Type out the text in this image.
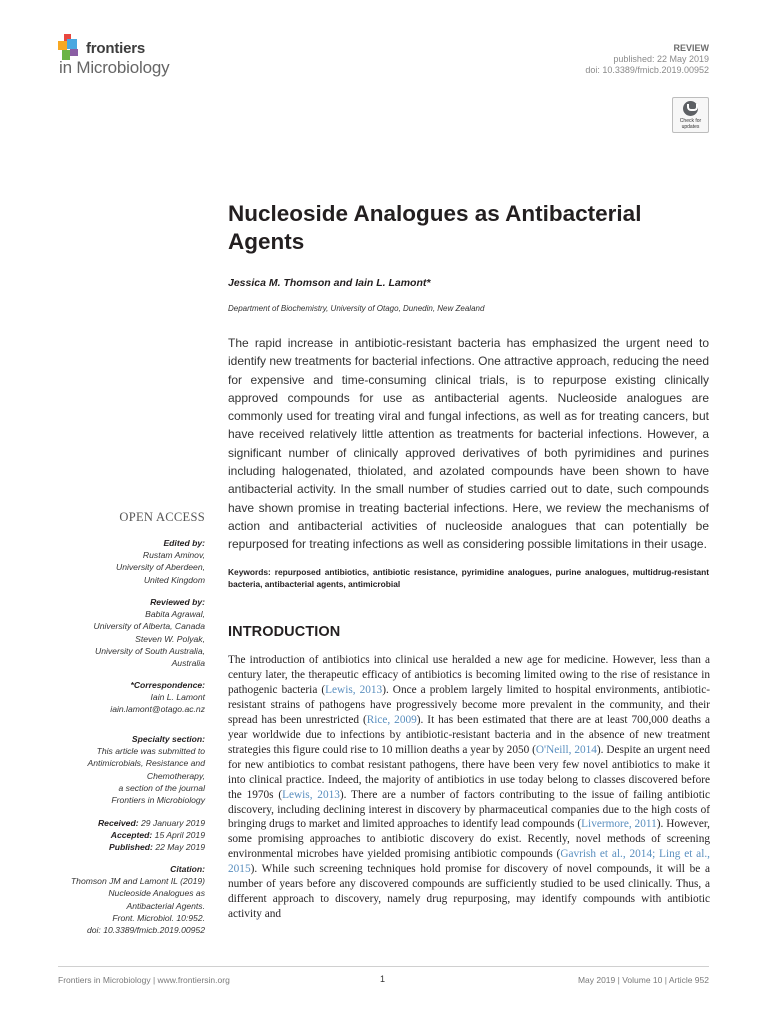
frontiers
in Microbiology
REVIEW
published: 22 May 2019
doi: 10.3389/fmicb.2019.00952
Check for
updates
Nucleoside Analogues as Antibacterial Agents
Jessica M. Thomson and Iain L. Lamont*
Department of Biochemistry, University of Otago, Dunedin, New Zealand
The rapid increase in antibiotic-resistant bacteria has emphasized the urgent need to identify new treatments for bacterial infections. One attractive approach, reducing the need for expensive and time-consuming clinical trials, is to repurpose existing clinically approved compounds for use as antibacterial agents. Nucleoside analogues are commonly used for treating viral and fungal infections, as well as for treating cancers, but have received relatively little attention as treatments for bacterial infections. However, a significant number of clinically approved derivatives of both pyrimidines and purines including halogenated, thiolated, and azolated compounds have been shown to have antibacterial activity. In the small number of studies carried out to date, such compounds have shown promise in treating bacterial infections. Here, we review the mechanisms of action and antibacterial activities of nucleoside analogues that can potentially be repurposed for treating infections as well as considering possible limitations in their usage.
Keywords: repurposed antibiotics, antibiotic resistance, pyrimidine analogues, purine analogues, multidrug-resistant bacteria, antibacterial agents, antimicrobial
INTRODUCTION
The introduction of antibiotics into clinical use heralded a new age for medicine. However, less than a century later, the therapeutic efficacy of antibiotics is becoming limited owing to the rise of resistance in pathogenic bacteria (Lewis, 2013). Once a problem largely limited to hospital environments, antibiotic-resistant strains of pathogens have progressively become more prevalent in the community, and their spread has been unrestricted (Rice, 2009). It has been estimated that there are at least 700,000 deaths a year worldwide due to infections by antibiotic-resistant bacteria and in the absence of new treatment strategies this figure could rise to 10 million deaths a year by 2050 (O'Neill, 2014). Despite an urgent need for new antibiotics to combat resistant pathogens, there have been very few novel antibiotics to make it into clinical practice. Indeed, the majority of antibiotics in use today belong to classes discovered before the 1970s (Lewis, 2013). There are a number of factors contributing to the issue of failing antibiotic discovery, including declining interest in discovery by pharmaceutical companies due to the high costs of bringing drugs to market and limited approaches to identify lead compounds (Livermore, 2011). However, some promising approaches to antibiotic discovery do exist. Recently, novel methods of screening environmental microbes have yielded promising antibiotic compounds (Gavrish et al., 2014; Ling et al., 2015). While such screening techniques hold promise for discovery of novel compounds, it will be a number of years before any discovered compounds are sufficiently studied to be used clinically. Thus, a different approach to discovery, namely drug repurposing, may identify compounds with antibiotic activity and
OPEN ACCESS
Edited by:
Rustam Aminov,
University of Aberdeen,
United Kingdom
Reviewed by:
Babita Agrawal,
University of Alberta, Canada
Steven W. Polyak,
University of South Australia,
Australia
*Correspondence:
Iain L. Lamont
iain.lamont@otago.ac.nz
Specialty section:
This article was submitted to
Antimicrobials, Resistance and
Chemotherapy,
a section of the journal
Frontiers in Microbiology
Received: 29 January 2019
Accepted: 15 April 2019
Published: 22 May 2019
Citation:
Thomson JM and Lamont IL (2019)
Nucleoside Analogues as
Antibacterial Agents.
Front. Microbiol. 10:952.
doi: 10.3389/fmicb.2019.00952
Frontiers in Microbiology | www.frontiersin.org	1	May 2019 | Volume 10 | Article 952
